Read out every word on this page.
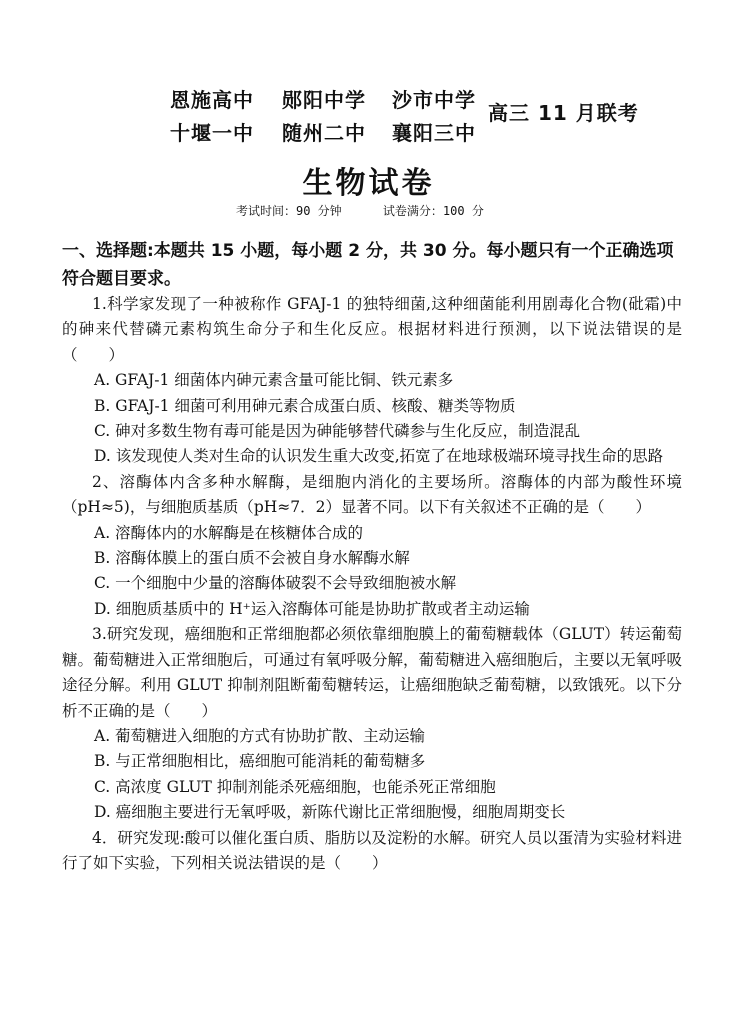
恩施高中	郧阳中学	沙市中学
十堰一中	随州二中	襄阳三中
高三 11 月联考
生物试卷
考试时间：90 分钟	试卷满分：100 分
一、选择题:本题共 15 小题，每小题 2 分，共 30 分。每小题只有一个正确选项符合题目要求。
1.科学家发现了一种被称作 GFAJ-1 的独特细菌,这种细菌能利用剧毒化合物(砒霜)中的砷来代替磷元素构筑生命分子和生化反应。根据材料进行预测，以下说法错误的是（　　）
A. GFAJ-1 细菌体内砷元素含量可能比铜、铁元素多
B. GFAJ-1 细菌可利用砷元素合成蛋白质、核酸、糖类等物质
C. 砷对多数生物有毒可能是因为砷能够替代磷参与生化反应，制造混乱
D. 该发现使人类对生命的认识发生重大改变,拓宽了在地球极端环境寻找生命的思路
2、溶酶体内含多种水解酶，是细胞内消化的主要场所。溶酶体的内部为酸性环境（pH≈5)，与细胞质基质（pH≈7．2）显著不同。以下有关叙述不正确的是（　　）
A. 溶酶体内的水解酶是在核糖体合成的
B. 溶酶体膜上的蛋白质不会被自身水解酶水解
C. 一个细胞中少量的溶酶体破裂不会导致细胞被水解
D. 细胞质基质中的 H⁺运入溶酶体可能是协助扩散或者主动运输
3.研究发现，癌细胞和正常细胞都必须依靠细胞膜上的葡萄糖载体（GLUT）转运葡萄糖。葡萄糖进入正常细胞后，可通过有氧呼吸分解，葡萄糖进入癌细胞后，主要以无氧呼吸途径分解。利用 GLUT 抑制剂阻断葡萄糖转运，让癌细胞缺乏葡萄糖，以致饿死。以下分析不正确的是（　　）
A. 葡萄糖进入细胞的方式有协助扩散、主动运输
B. 与正常细胞相比，癌细胞可能消耗的葡萄糖多
C. 高浓度 GLUT 抑制剂能杀死癌细胞，也能杀死正常细胞
D. 癌细胞主要进行无氧呼吸，新陈代谢比正常细胞慢，细胞周期变长
4．研究发现:酸可以催化蛋白质、脂肪以及淀粉的水解。研究人员以蛋清为实验材料进行了如下实验，下列相关说法错误的是（　　）
